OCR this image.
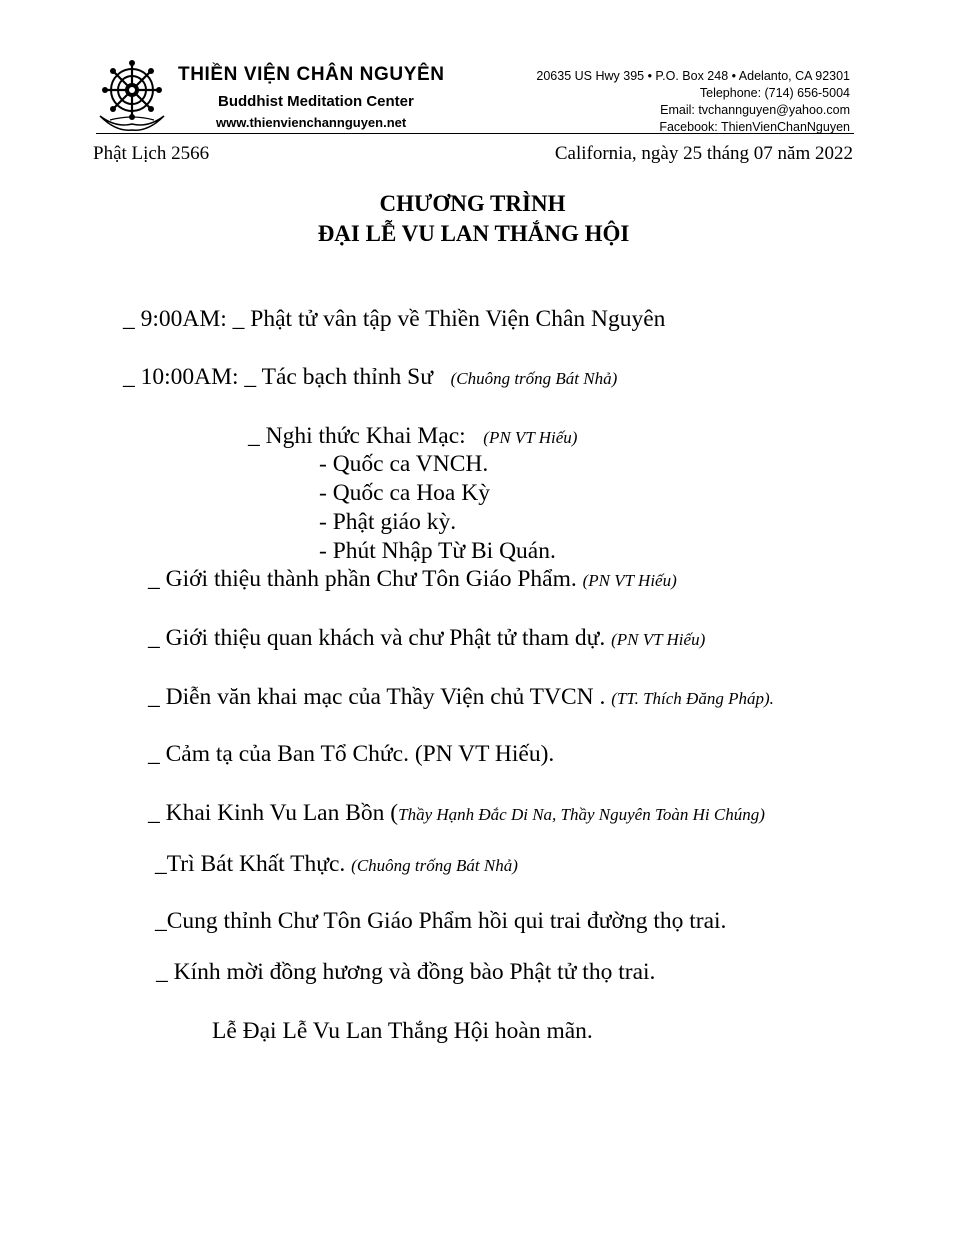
THIỀN VIỆN CHÂN NGUYÊN
Buddhist Meditation Center
www.thienvienchannguyen.net
20635 US Hwy 395 • P.O. Box 248 • Adelanto, CA 92301
Telephone: (714) 656-5004
Email: tvchannguyen@yahoo.com
Facebook: ThienVienChanNguyen
Phật Lịch 2566	California, ngày 25 tháng 07 năm 2022
CHƯƠNG TRÌNH
ĐẠI LỄ VU LAN THẮNG HỘI
_ 9:00AM: _ Phật tử vân tập về Thiền Viện Chân Nguyên
_ 10:00AM: _ Tác bạch thỉnh Sư (Chuông trống Bát Nhả)
_ Nghi thức Khai Mạc: (PN VT Hiếu)
- Quốc ca VNCH.
- Quốc ca Hoa Kỳ
- Phật giáo kỳ.
- Phút Nhập Từ Bi Quán.
_ Giới thiệu thành phần Chư Tôn Giáo Phẩm. (PN VT Hiếu)
_ Giới thiệu quan khách và chư Phật tử tham dự. (PN VT Hiếu)
_ Diễn văn khai mạc của Thầy Viện chủ TVCN . (TT. Thích Đăng Pháp).
_ Cảm tạ của Ban Tổ Chức. (PN VT Hiếu).
_ Khai Kinh Vu Lan Bồn (Thầy Hạnh Đắc Di Na, Thầy Nguyên Toàn Hi Chúng)
_Trì Bát Khất Thực. (Chuông trống Bát Nhả)
_Cung thỉnh Chư Tôn Giáo Phẩm hồi qui trai đường thọ trai.
_ Kính mời đồng hương và đồng bào Phật tử thọ trai.
Lễ Đại Lễ Vu Lan Thắng Hội hoàn mãn.
